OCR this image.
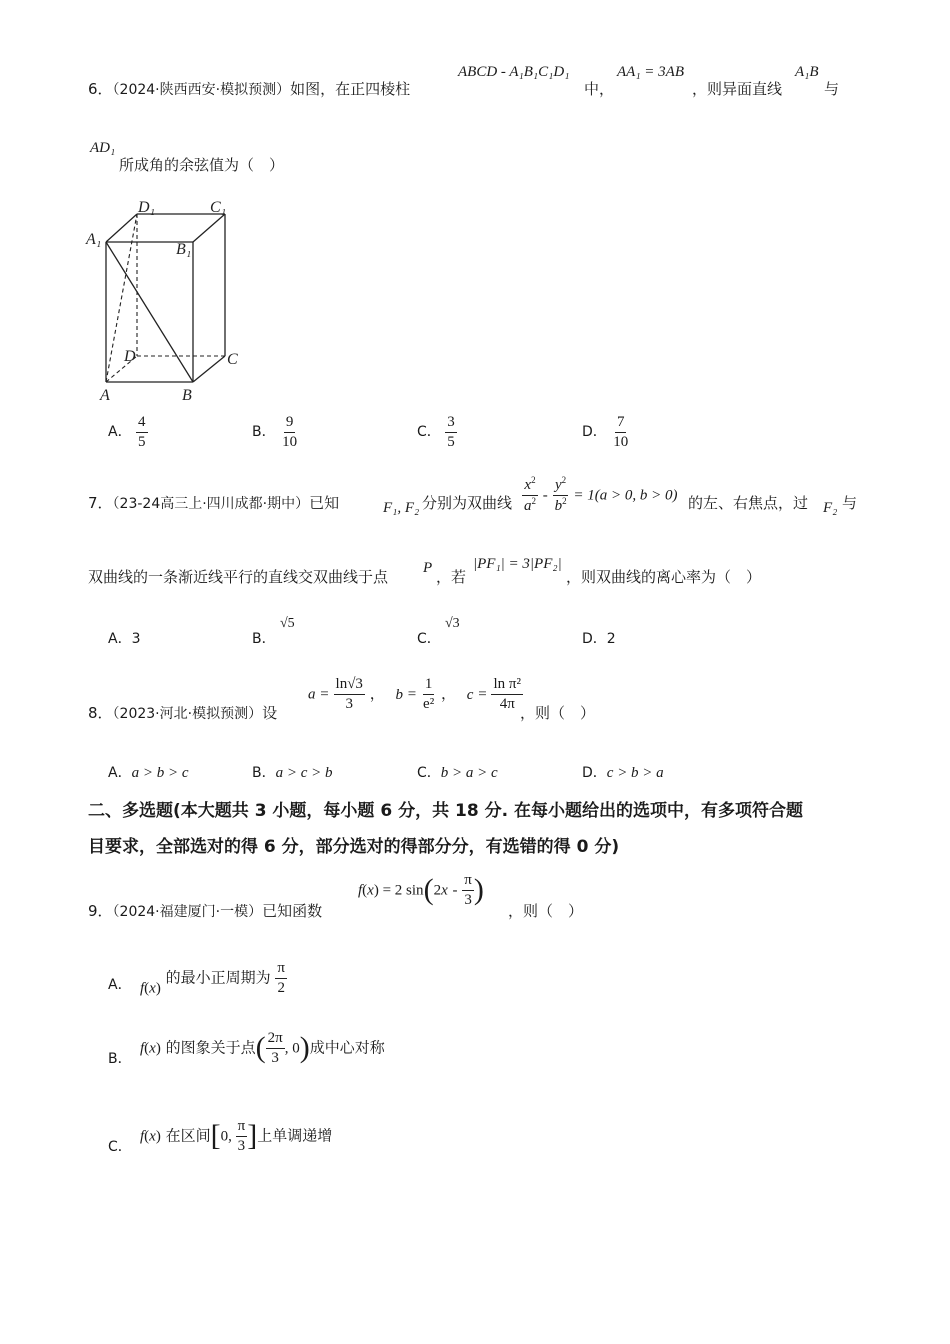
6．（2024·陕西西安·模拟预测）如图，在正四棱柱
ABCD - A₁B₁C₁D₁
中，
AA₁ = 3AB
，则异面直线
A₁B
与
AD₁
所成角的余弦值为（　）
D₁	C₁
A₁
B₁
D	C
A	B
A． $\frac{4}{5}$	B． $\frac{9}{10}$	C． $\frac{3}{5}$	D． $\frac{7}{10}$
7．（23-24高三上·四川成都·期中）已知	F₁, F₂ 分别为双曲线 $\frac{x^2}{a^2} - \frac{y^2}{b^2} = 1(a > 0$, b > 0) 的左、右焦点，过 F₂ 与
双曲线的一条渐近线平行的直线交双曲线于点 P ，若
|PF₁| = 3|PF₂|
，则双曲线的离心率为（　）
A．3	B．
√5
C．
√3
D．2
8．（2023·河北·模拟预测）设
$a = \frac{\ln√3}{3}$ ， $b = \frac{1}{\text{e²}}$ ， $c = \frac{\text{ln π²}}{4\pi}$
，则（　）
A．a > b > c	B．a > c > b	C．b > a > c	D．c > b > a
二、多选题(本大题共 3 小题，每小题 6 分，共 18 分. 在每小题给出的选项中，有多项符合题
目要求，全部选对的得 6 分，部分选对的得部分分，有选错的得 0 分)
9．（2024·福建厦门·一模）已知函数
f(x) = 2 $\sin(2x - \frac{\pi}{3}$ )
，则（　）
A． f(x) 的最小正周期为 $\frac{\pi}{2}$
B．
f(x) 的图象关于点( $\frac{2\pi}{3}$ , 0)成中心对称
C．
f(x) 在区间[0, $\frac{\pi}{3}$ ]上单调递增
